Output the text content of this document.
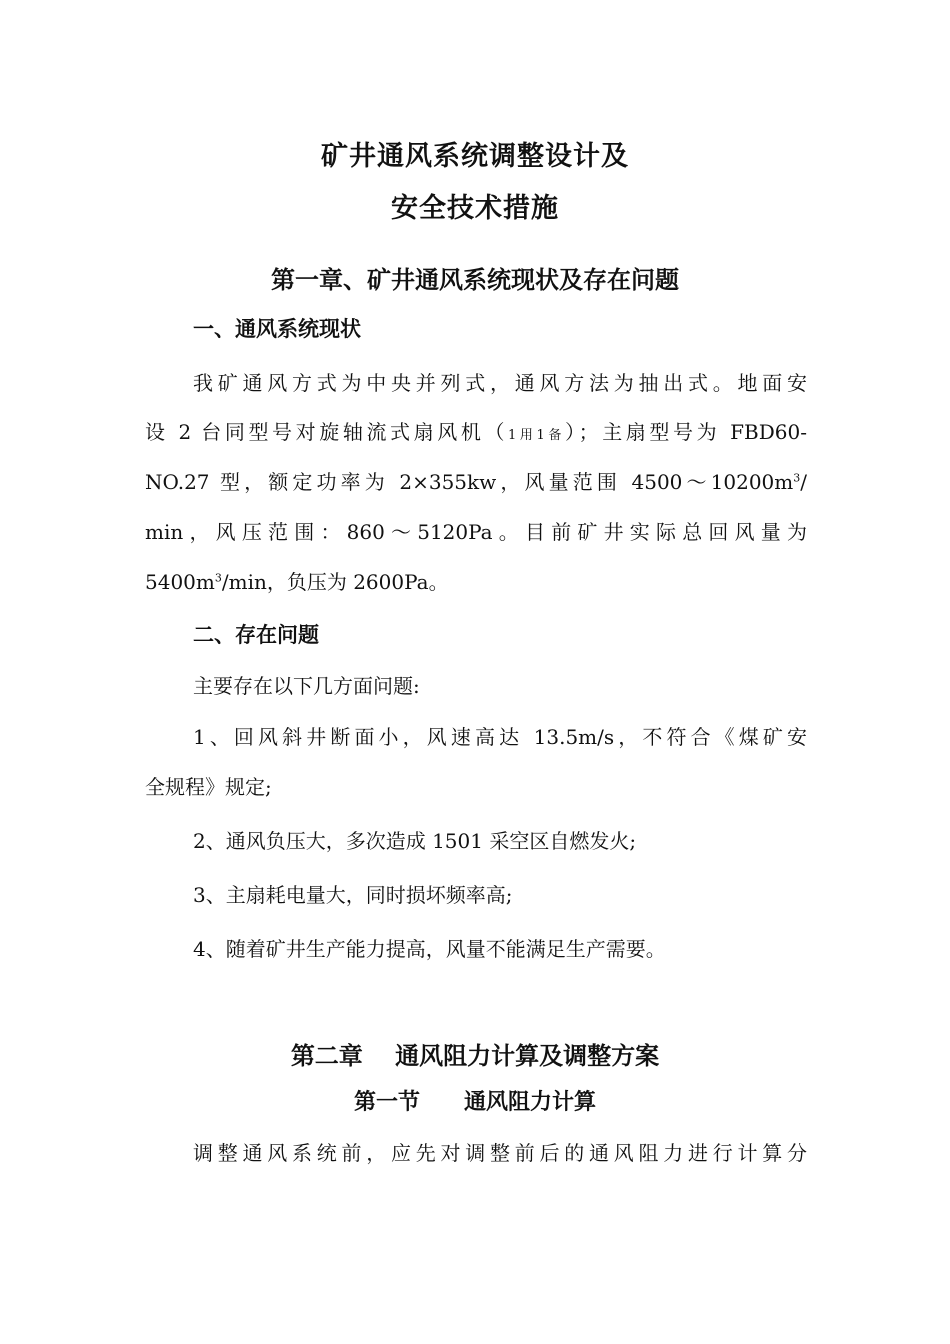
矿井通风系统调整设计及
安全技术措施
第一章、矿井通风系统现状及存在问题
一、通风系统现状
我矿通风方式为中央并列式，通风方法为抽出式。地面安
设 2 台同型号对旋轴流式扇风机（1用1备）；主扇型号为 FBD60-
NO.27 型，额定功率为 2×355kw，风量范围 $4500\sim 10200m^3/$
min，风压范围：860～5120Pa。目前矿井实际总回风量为
$5400m^3/\min$，负压为 2600Pa。
二、存在问题
主要存在以下几方面问题:
1、回风斜井断面小，风速高达 13.5m/s，不符合《煤矿安
全规程》规定;
2、通风负压大，多次造成 1501 采空区自燃发火;
3、主扇耗电量大，同时损坏频率高;
4、随着矿井生产能力提高，风量不能满足生产需要。
第二章　 通风阻力计算及调整方案
第一节　　通风阻力计算
调整通风系统前，应先对调整前后的通风阻力进行计算分
